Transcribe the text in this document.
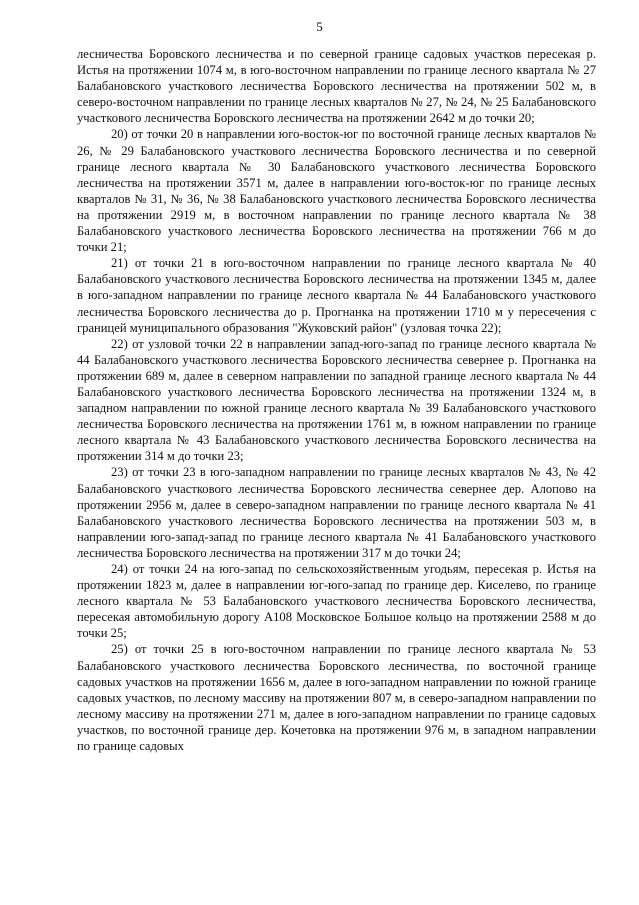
5

лесничества Боровского лесничества и по северной границе садовых участков пересекая р. Истья на протяжении 1074 м, в юго-восточном направлении по границе лесного квартала № 27 Балабановского участкового лесничества Боровского лесничества на протяжении 502 м, в северо-восточном направлении по границе лесных кварталов № 27, № 24, № 25 Балабановского участкового лесничества Боровского лесничества на протяжении 2642 м до точки 20;

20) от точки 20 в направлении юго-восток-юг по восточной границе лесных кварталов № 26, № 29 Балабановского участкового лесничества Боровского лесничества и по северной границе лесного квартала № 30 Балабановского участкового лесничества Боровского лесничества на протяжении 3571 м, далее в направлении юго-восток-юг по границе лесных кварталов № 31, № 36, № 38 Балабановского участкового лесничества Боровского лесничества на протяжении 2919 м, в восточном направлении по границе лесного квартала № 38 Балабановского участкового лесничества Боровского лесничества на протяжении 766 м до точки 21;

21) от точки 21 в юго-восточном направлении по границе лесного квартала № 40 Балабановского участкового лесничества Боровского лесничества на протяжении 1345 м, далее в юго-западном направлении по границе лесного квартала № 44 Балабановского участкового лесничества Боровского лесничества до р. Прогнанка на протяжении 1710 м у пересечения с границей муниципального образования "Жуковский район" (узловая точка 22);

22) от узловой точки 22 в направлении запад-юго-запад по границе лесного квартала № 44 Балабановского участкового лесничества Боровского лесничества севернее р. Прогнанка на протяжении 689 м, далее в северном направлении по западной границе лесного квартала № 44 Балабановского участкового лесничества Боровского лесничества на протяжении 1324 м, в западном направлении по южной границе лесного квартала № 39 Балабановского участкового лесничества Боровского лесничества на протяжении 1761 м, в южном направлении по границе лесного квартала № 43 Балабановского участкового лесничества Боровского лесничества на протяжении 314 м до точки 23;

23) от точки 23 в юго-западном направлении по границе лесных кварталов № 43, № 42 Балабановского участкового лесничества Боровского лесничества севернее дер. Алопово на протяжении 2956 м, далее в северо-западном направлении по границе лесного квартала № 41 Балабановского участкового лесничества Боровского лесничества на протяжении 503 м, в направлении юго-запад-запад по границе лесного квартала № 41 Балабановского участкового лесничества Боровского лесничества на протяжении 317 м до точки 24;

24) от точки 24 на юго-запад по сельскохозяйственным угодьям, пересекая р. Истья на протяжении 1823 м, далее в направлении юг-юго-запад по границе дер. Киселево, по границе лесного квартала № 53 Балабановского участкового лесничества Боровского лесничества, пересекая автомобильную дорогу А108 Московское Большое кольцо на протяжении 2588 м до точки 25;

25) от точки 25 в юго-восточном направлении по границе лесного квартала № 53 Балабановского участкового лесничества Боровского лесничества, по восточной границе садовых участков на протяжении 1656 м, далее в юго-западном направлении по южной границе садовых участков, по лесному массиву на протяжении 807 м, в северо-западном направлении по лесному массиву на протяжении 271 м, далее в юго-западном направлении по границе садовых участков, по восточной границе дер. Кочетовка на протяжении 976 м, в западном направлении по границе садовых
